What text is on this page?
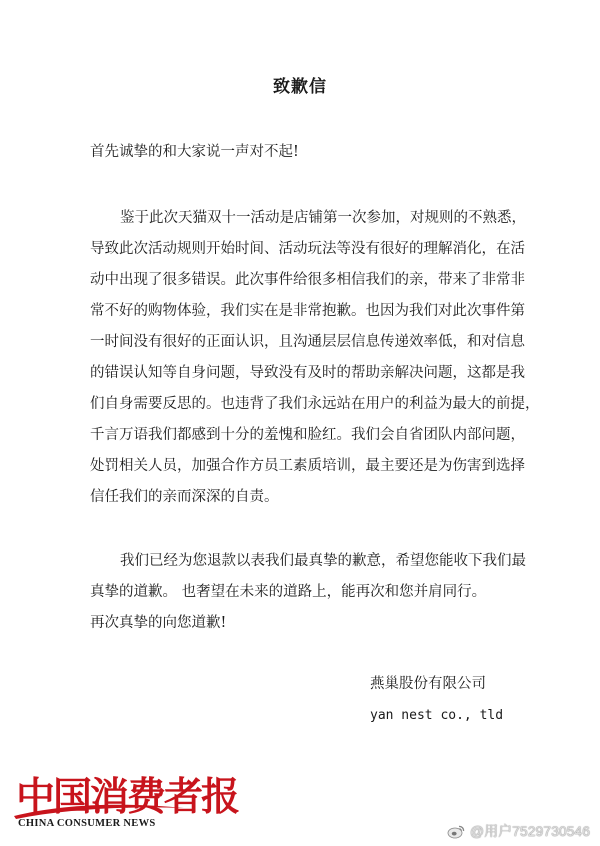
致歉信
首先诚挚的和大家说一声对不起!
鉴于此次天猫双十一活动是店铺第一次参加，对规则的不熟悉，
导致此次活动规则开始时间、活动玩法等没有很好的理解消化，在活
动中出现了很多错误。此次事件给很多相信我们的亲，带来了非常非
常不好的购物体验，我们实在是非常抱歉。也因为我们对此次事件第
一时间没有很好的正面认识，且沟通层层信息传递效率低，和对信息
的错误认知等自身问题，导致没有及时的帮助亲解决问题，这都是我
们自身需要反思的。也违背了我们永远站在用户的利益为最大的前提，
千言万语我们都感到十分的羞愧和脸红。我们会自省团队内部问题，
处罚相关人员，加强合作方员工素质培训，最主要还是为伤害到选择
信任我们的亲而深深的自责。
我们已经为您退款以表我们最真挚的歉意，希望您能收下我们最
真挚的道歉。 也奢望在未来的道路上，能再次和您并肩同行。
再次真挚的向您道歉!
燕巢股份有限公司
yan nest co., tld
中国消费者报
CHINA CONSUMER NEWS	@用户7529730546
